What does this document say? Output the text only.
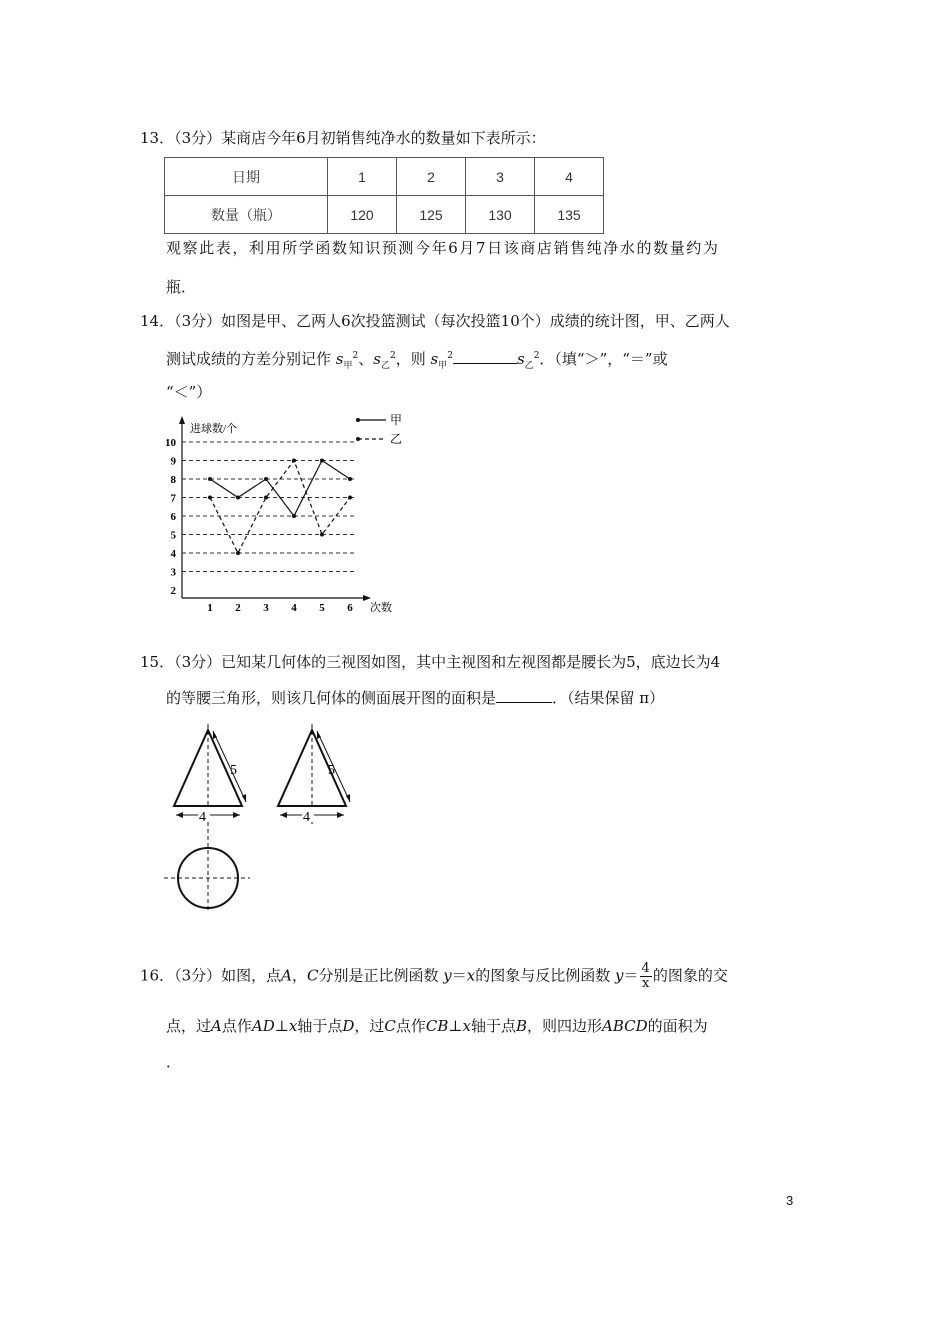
13．（3分）某商店今年6月初销售纯净水的数量如下表所示：
日期	1	2	3	4
数量（瓶）	120	125	130	135
观察此表，利用所学函数知识预测今年6月7日该商店销售纯净水的数量约为
瓶．
14．（3分）如图是甲、乙两人6次投篮测试（每次投篮10个）成绩的统计图，甲、乙两人
测试成绩的方差分别记作 $s_甲^2$、$s_乙^2$，则 $s_甲^2$	$s_乙^2$．（填“＞”，“＝”或
“＜”）
进球数/个
次数
2
3
4
5
6
7
8
9
10
1 2 3 4 5 6
甲
乙
15．（3分）已知某几何体的三视图如图，其中主视图和左视图都是腰长为5，底边长为4
的等腰三角形，则该几何体的侧面展开图的面积是	．（结果保留 π）
5
4
5
4
16．（3分）如图，点A，C分别是正比例函数 y＝x的图象与反比例函数 $y= \frac{4}{x}$ 的图象的交
点，过A点作AD⊥x轴于点D，过C点作CB⊥x轴于点B，则四边形ABCD的面积为
．
3
